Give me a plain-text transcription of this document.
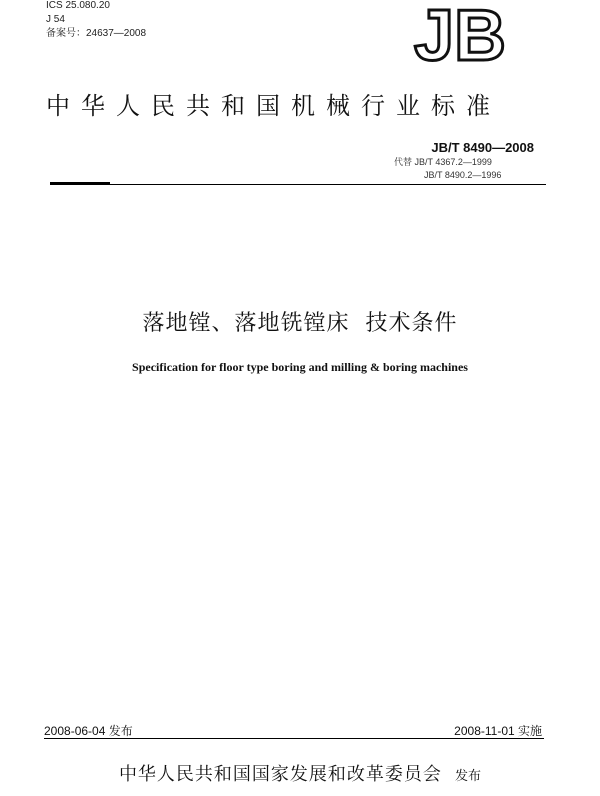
ICS 25.080.20
J 54
备案号：24637—2008	JB
中华人民共和国机械行业标准
JB/T 8490—2008
代替 JB/T 4367.2—1999
JB/T 8490.2—1996
落地镗、落地铣镗床  技术条件
Specification for floor type boring and milling & boring machines
2008-06-04 发布	2008-11-01 实施
中华人民共和国国家发展和改革委员会 发布
